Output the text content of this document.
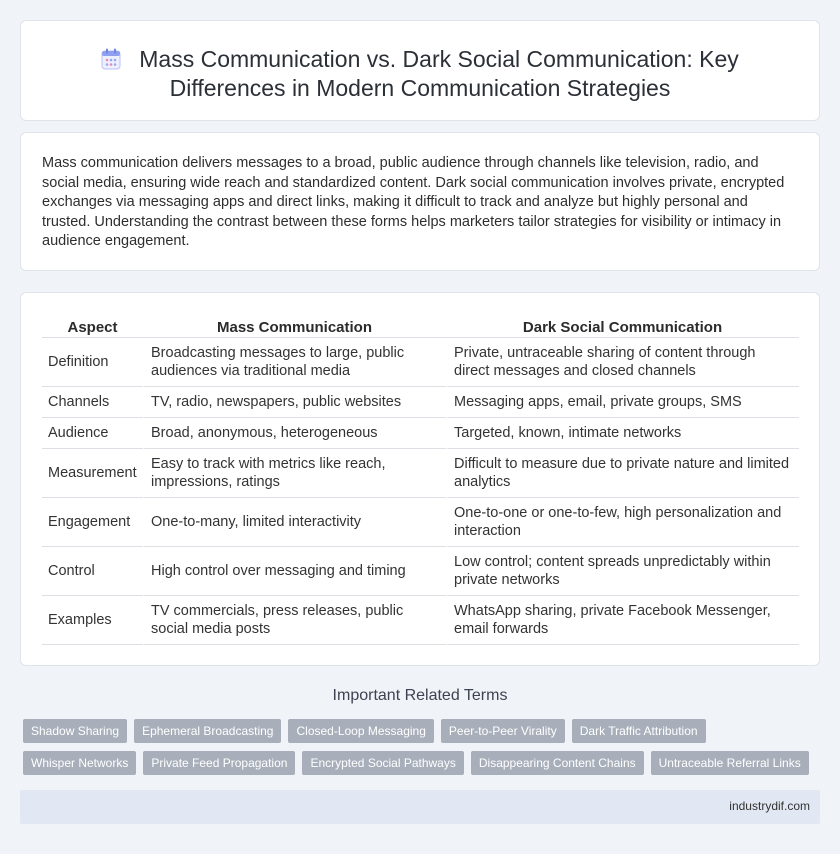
Mass Communication vs. Dark Social Communication: Key
Differences in Modern Communication Strategies

Mass communication delivers messages to a broad, public audience through channels like television, radio, and social media, ensuring wide reach and standardized content. Dark social communication involves private, encrypted exchanges via messaging apps and direct links, making it difficult to track and analyze but highly personal and trusted. Understanding the contrast between these forms helps marketers tailor strategies for visibility or intimacy in audience engagement.

Aspect	Mass Communication	Dark Social Communication
Definition	Broadcasting messages to large, public audiences via traditional media	Private, untraceable sharing of content through direct messages and closed channels
Channels	TV, radio, newspapers, public websites	Messaging apps, email, private groups, SMS
Audience	Broad, anonymous, heterogeneous	Targeted, known, intimate networks
Measurement	Easy to track with metrics like reach, impressions, ratings	Difficult to measure due to private nature and limited analytics
Engagement	One-to-many, limited interactivity	One-to-one or one-to-few, high personalization and interaction
Control	High control over messaging and timing	Low control; content spreads unpredictably within private networks
Examples	TV commercials, press releases, public social media posts	WhatsApp sharing, private Facebook Messenger, email forwards
Important Related Terms
Shadow Sharing	Ephemeral Broadcasting	Closed-Loop Messaging	Peer-to-Peer Virality	Dark Traffic Attribution
Whisper Networks	Private Feed Propagation	Encrypted Social Pathways	Disappearing Content Chains	Untraceable Referral Links
industrydif.com
